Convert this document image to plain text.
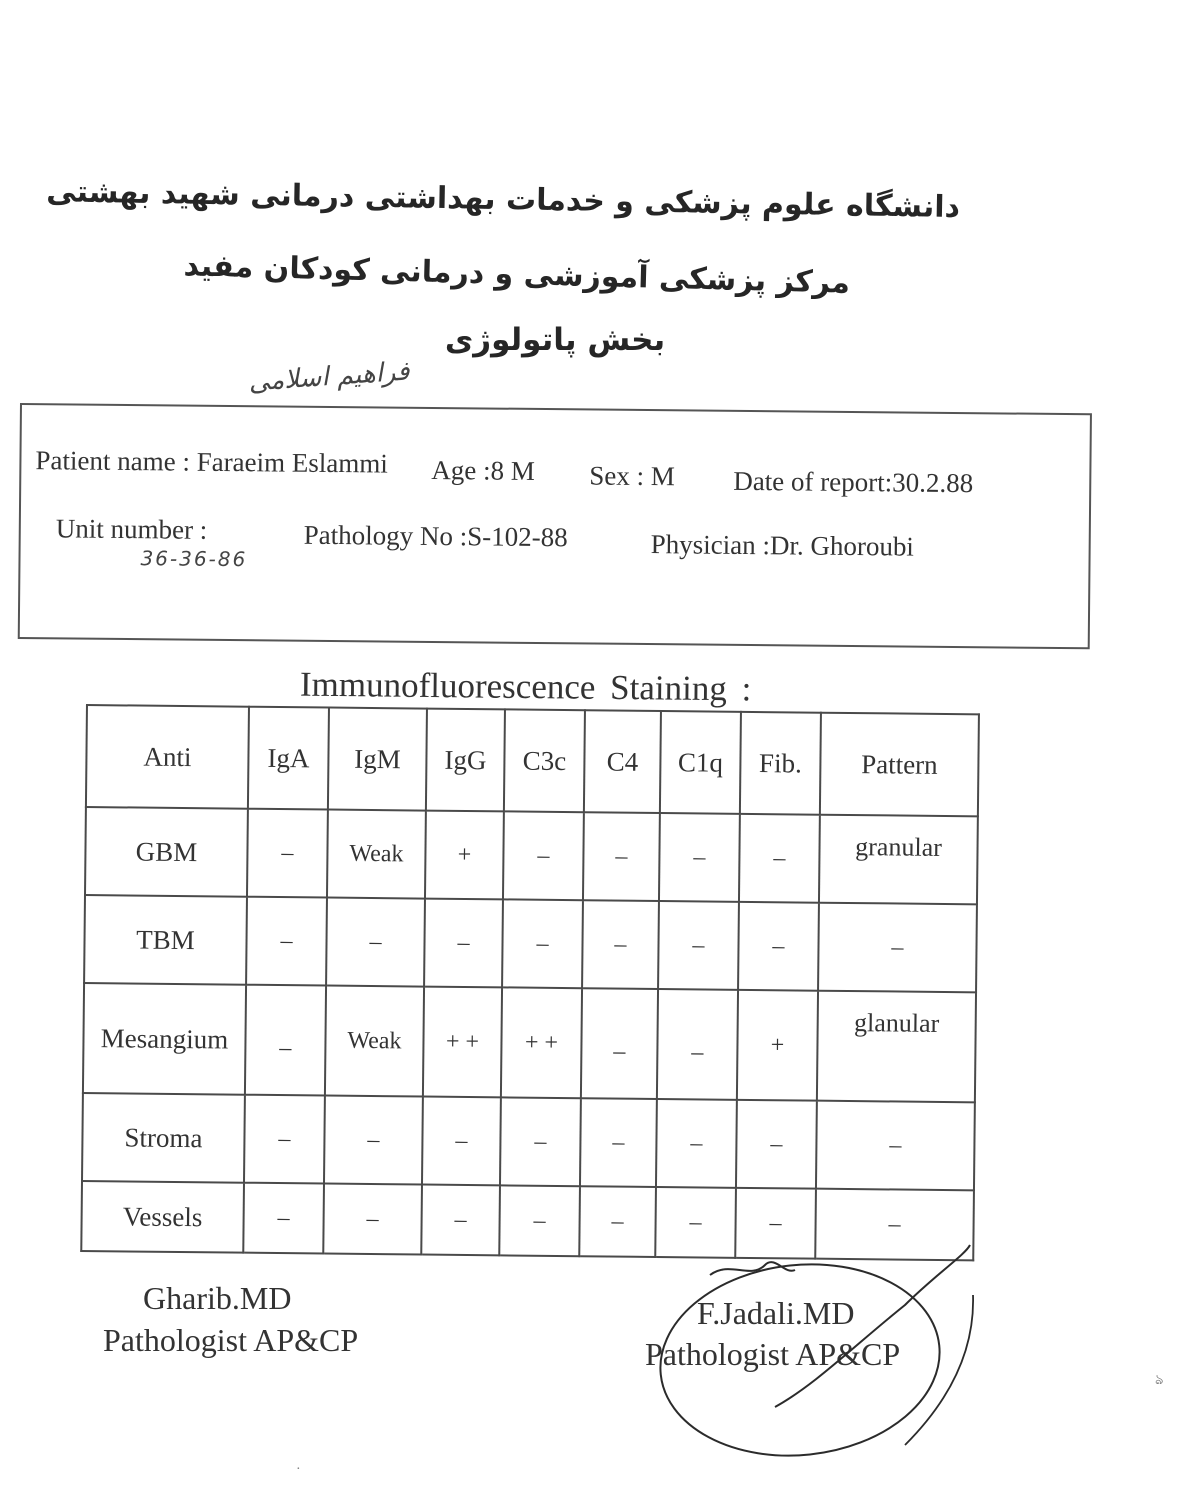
دانشگاه علوم پزشکی و خدمات بهداشتی درمانی شهید بهشتی
مرکز پزشکی آموزشی و درمانی کودکان مفید
بخش پاتولوژی
فراهیم اسلامی
Patient name : Faraeim Eslammi Age :8 M Sex : M Date of report:30.2.88
Unit number :
36-36-86
Pathology No :S-102-88	Physician :Dr. Ghoroubi
Immunofluorescence Staining :
Anti	IgA	IgM	IgG	C3c	C4	C1q	Fib.	Pattern
GBM	–	Weak	+	–	–	–	–	granular
TBM	–	–	–	–	–	–	–	–
Mesangium	_	Weak	+ +	+ +	_	_	+	glanular
Stroma	–	–	–	–	–	–	–	–
Vessels	–	–	–	–	–	–	–	–
Gharib.MD
Pathologist AP&CP
F.Jadali.MD
Pathologist AP&CP
ঌ
·
